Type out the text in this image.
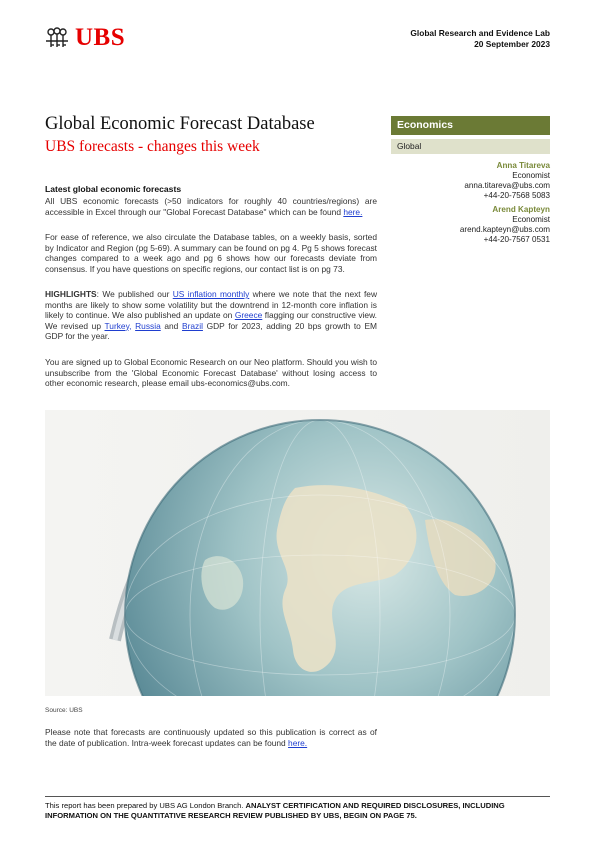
UBS	Global Research and Evidence Lab
20 September 2023
Global Economic Forecast Database
UBS forecasts - changes this week
Economics
Global
Anna Titareva
Economist
anna.titareva@ubs.com
+44-20-7568 5083
Arend Kapteyn
Economist
arend.kapteyn@ubs.com
+44-20-7567 0531
Latest global economic forecasts
All UBS economic forecasts (>50 indicators for roughly 40 countries/regions) are accessible in Excel through our "Global Forecast Database" which can be found here.
For ease of reference, we also circulate the Database tables, on a weekly basis, sorted by Indicator and Region (pg 5-69). A summary can be found on pg 4. Pg 5 shows forecast changes compared to a week ago and pg 6 shows how our forecasts deviate from consensus. If you have questions on specific regions, our contact list is on pg 73.
HIGHLIGHTS: We published our US inflation monthly where we note that the next few months are likely to show some volatility but the downtrend in 12-month core inflation is likely to continue. We also published an update on Greece flagging our constructive view. We revised up Turkey, Russia and Brazil GDP for 2023, adding 20 bps growth to EM GDP for the year.
You are signed up to Global Economic Research on our Neo platform. Should you wish to unsubscribe from the 'Global Economic Forecast Database' without losing access to other economic research, please email ubs-economics@ubs.com.
Source: UBS
Please note that forecasts are continuously updated so this publication is correct as of the date of publication. Intra-week forecast updates can be found here.
This report has been prepared by UBS AG London Branch. ANALYST CERTIFICATION AND REQUIRED DISCLOSURES, INCLUDING INFORMATION ON THE QUANTITATIVE RESEARCH REVIEW PUBLISHED BY UBS, BEGIN ON PAGE 75.
